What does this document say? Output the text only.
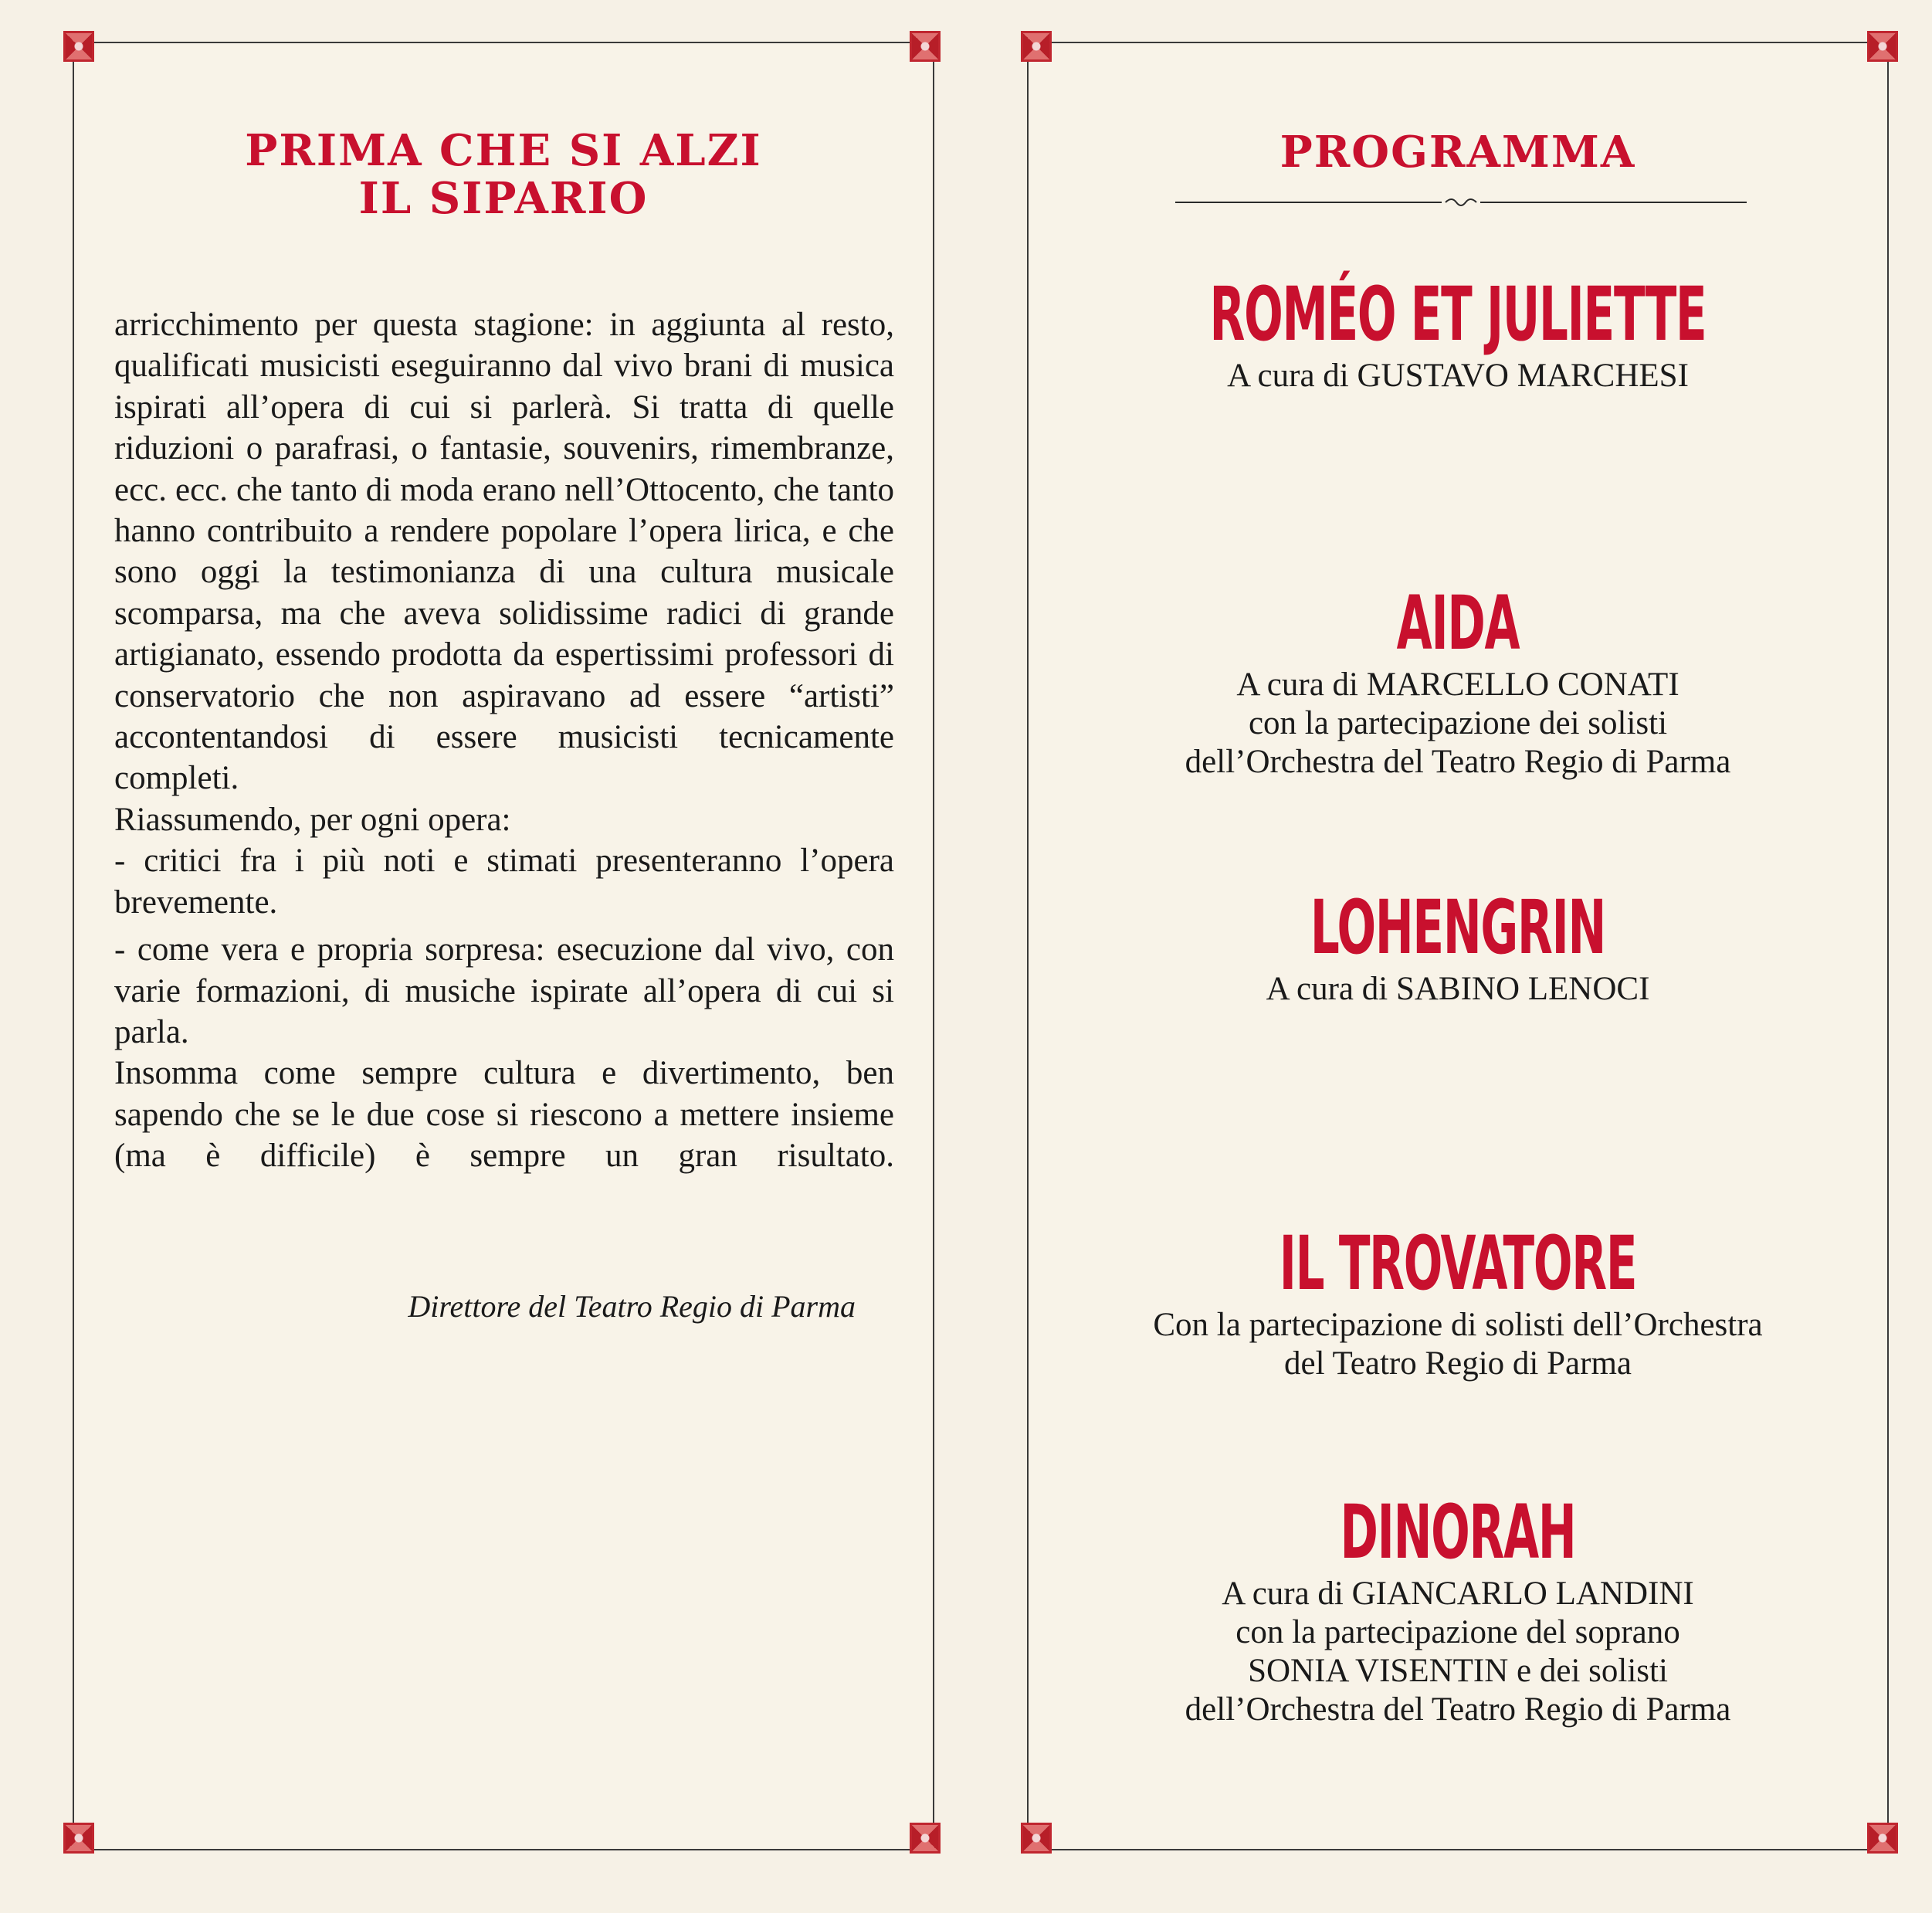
PRIMA CHE SI ALZI
IL SIPARIO

arricchimento per questa stagione: in aggiunta al resto, qualificati musicisti eseguiranno dal vivo brani di musica ispirati all’opera di cui si parlerà. Si tratta di quelle riduzioni o parafrasi, o fantasie, souvenirs, rimembranze, ecc. ecc. che tanto di moda erano nell’Ottocento, che tanto hanno contribuito a rendere popolare l’opera lirica, e che sono oggi la testimonianza di una cultura musicale scomparsa, ma che aveva solidissime radici di grande artigianato, essendo prodotta da espertissimi professori di conservatorio che non aspiravano ad essere “artisti” accontentandosi di essere musicisti tecnicamente completi.

Riassumendo, per ogni opera:

- critici fra i più noti e stimati presenteranno l’opera brevemente.

- come vera e propria sorpresa: esecuzione dal vivo, con varie formazioni, di musiche ispirate all’opera di cui si parla.

Insomma come sempre cultura e divertimento, ben sapendo che se le due cose si riescono a mettere insieme (ma è difficile) è sempre un gran risultato.

Direttore del Teatro Regio di Parma
PROGRAMMA
ROMÉO ET JULIETTE
A cura di GUSTAVO MARCHESI
AIDA
A cura di MARCELLO CONATI
con la partecipazione dei solisti
dell’Orchestra del Teatro Regio di Parma
LOHENGRIN
A cura di SABINO LENOCI
IL TROVATORE
Con la partecipazione di solisti dell’Orchestra
del Teatro Regio di Parma
DINORAH
A cura di GIANCARLO LANDINI
con la partecipazione del soprano
SONIA VISENTIN e dei solisti
dell’Orchestra del Teatro Regio di Parma
